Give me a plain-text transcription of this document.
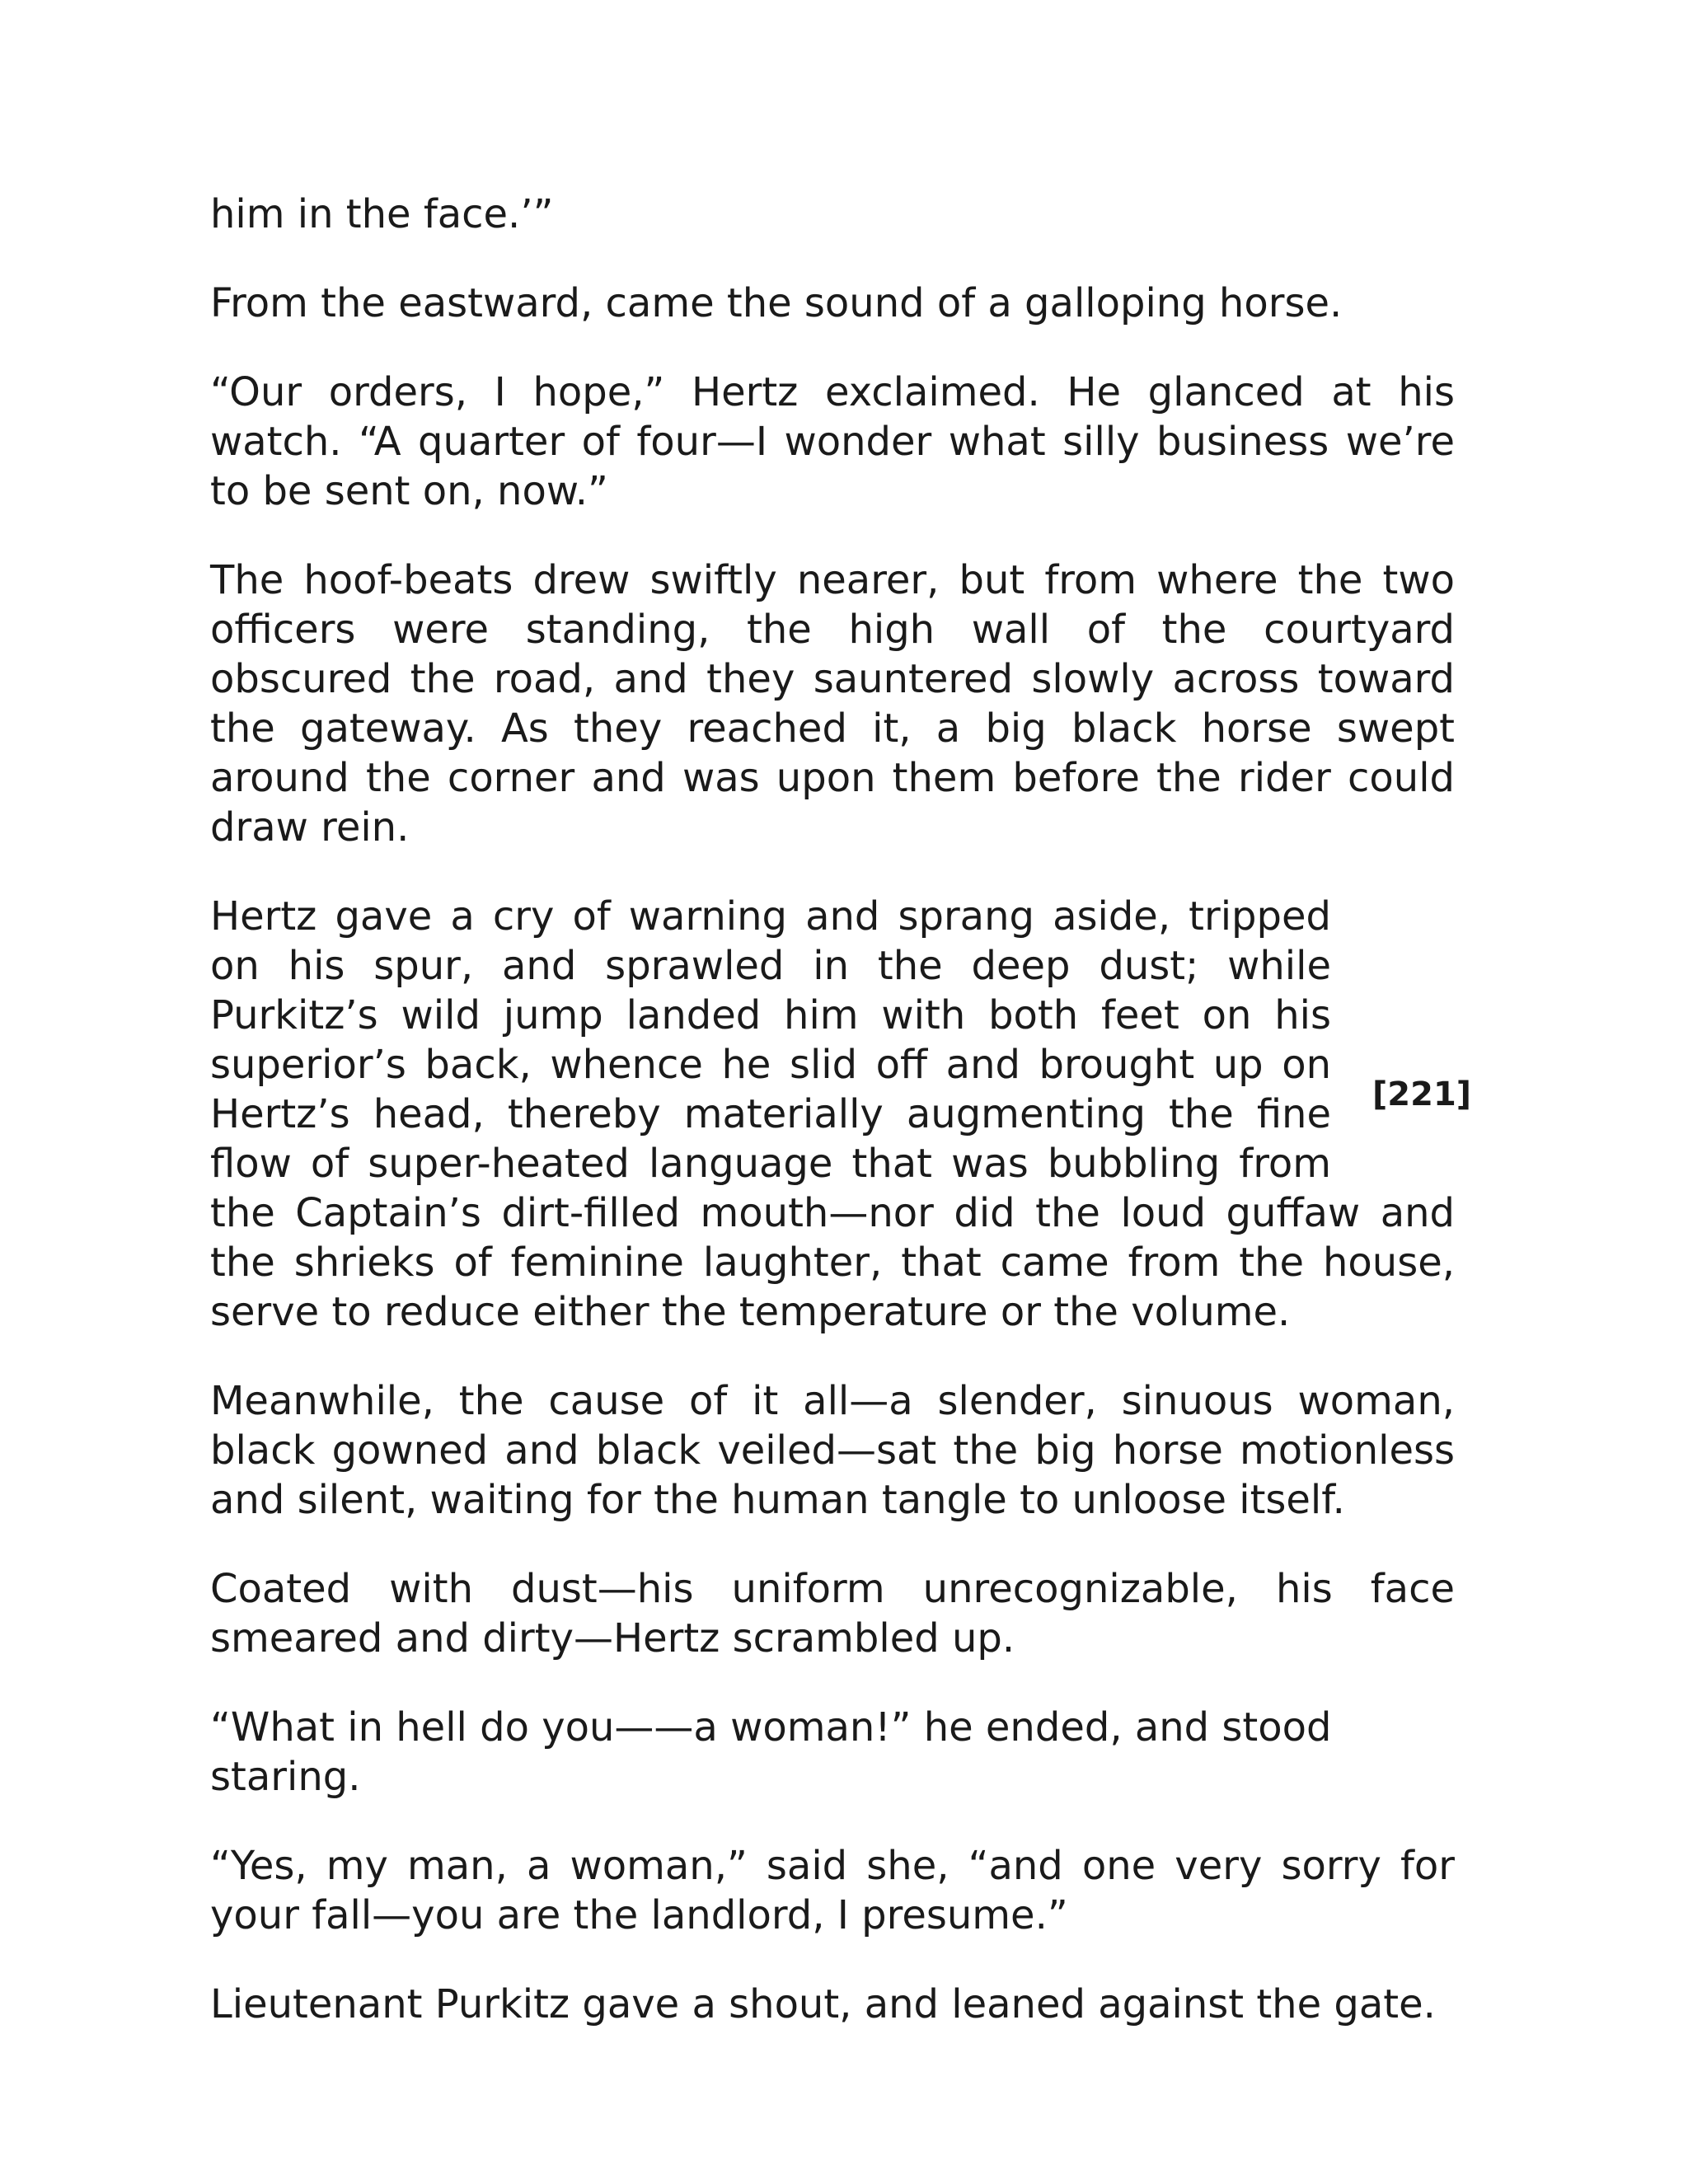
him in the face.’”

From the eastward, came the sound of a galloping horse.

“Our orders, I hope,” Hertz exclaimed. He glanced at his watch. “A quarter of four—I wonder what silly business we’re to be sent on, now.”

The hoof-beats drew swiftly nearer, but from where the two officers were standing, the high wall of the courtyard obscured the road, and they sauntered slowly across toward the gateway. As they reached it, a big black horse swept around the corner and was upon them before the rider could draw rein.

Hertz gave a cry of warning and sprang aside, tripped on his spur, and sprawled in the deep dust; while Purkitz’s wild jump landed him with both feet on his superior’s back, whence he slid off and brought up on Hertz’s head, thereby materially augmenting the fine flow of super-heated language that was bubbling from the Captain’s dirt-filled mouth—nor did the loud guffaw and the shrieks of feminine laughter, that came from the house, serve to reduce either the temperature or the volume.

Meanwhile, the cause of it all—a slender, sinuous woman, black gowned and black veiled—sat the big horse motionless and silent, waiting for the human tangle to unloose itself.

Coated with dust—his uniform unrecognizable, his face smeared and dirty—Hertz scrambled up.

“What in hell do you——a woman!” he ended, and stood staring.

“Yes, my man, a woman,” said she, “and one very sorry for your fall—you are the landlord, I presume.”

Lieutenant Purkitz gave a shout, and leaned against the gate.

[221]
